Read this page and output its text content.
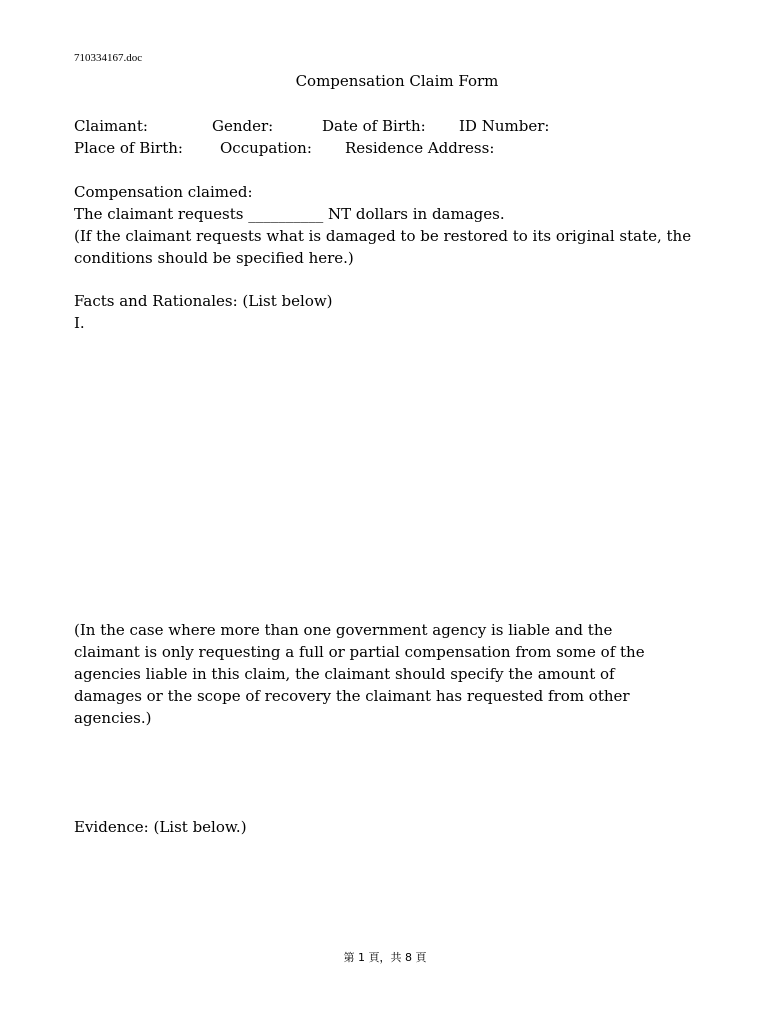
710334167.doc
Compensation Claim Form
Claimant:	Gender:	Date of Birth: ID Number:
Place of Birth: Occupation: Residence Address:
Compensation claimed:
The claimant requests __________ NT dollars in damages.
(If the claimant requests what is damaged to be restored to its original state, the conditions should be specified here.)
Facts and Rationales: (List below)
I.
(In the case where more than one government agency is liable and the claimant is only requesting a full or partial compensation from some of the agencies liable in this claim, the claimant should specify the amount of damages or the scope of recovery the claimant has requested from other agencies.)
Evidence: (List below.)
第 1 頁，共 8 頁
